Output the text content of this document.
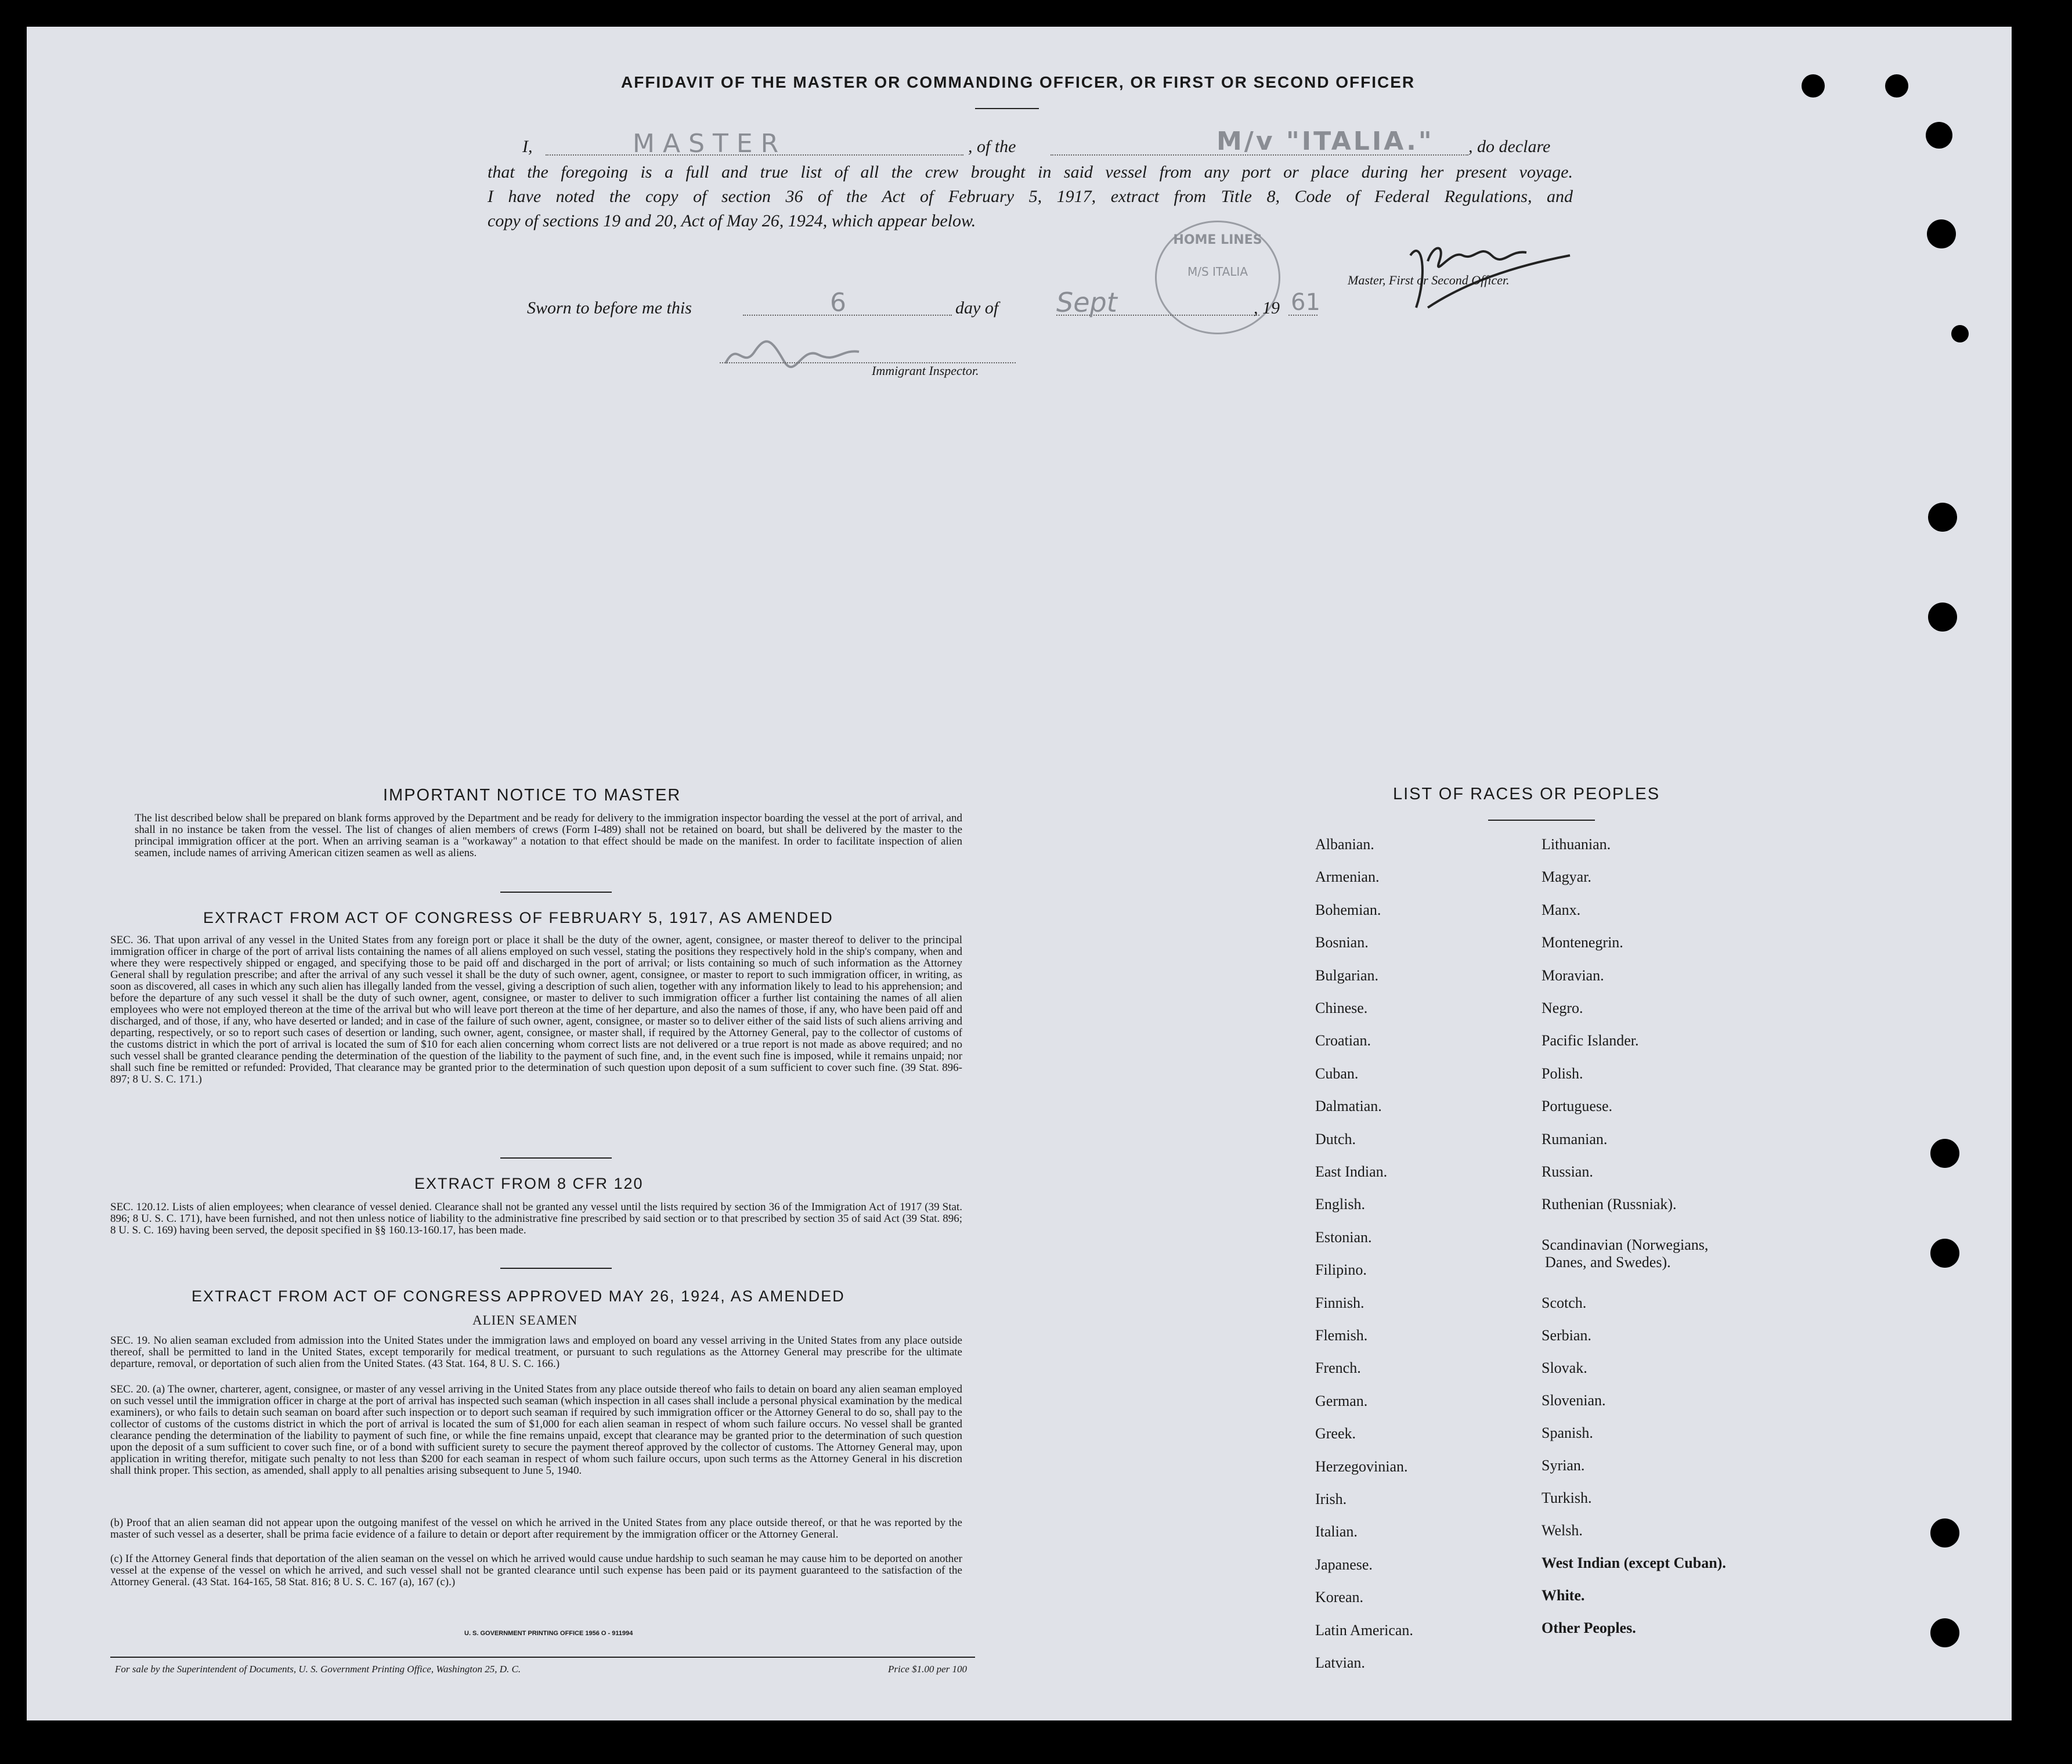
AFFIDAVIT OF THE MASTER OR COMMANDING OFFICER, OR FIRST OR SECOND OFFICER
I,	MASTER	, of the	M/v "ITALIA." , do declare
that the foregoing is a full and true list of all the crew brought in said vessel from any port or place during her present voyage.
I have noted the copy of section 36 of the Act of February 5, 1917, extract from Title 8, Code of Federal Regulations, and
copy of sections 19 and 20, Act of May 26, 1924, which appear below.
HOME LINES
M/S ITALIA
Master, First or Second Officer.
Sworn to before me this	6	day of Sept	, 19 61
Immigrant Inspector.
IMPORTANT NOTICE TO MASTER
The list described below shall be prepared on blank forms approved by the Department and be ready for delivery to the immigration inspector boarding the vessel at the port of arrival, and shall in no instance be taken from the vessel. The list of changes of alien members of crews (Form I-489) shall not be retained on board, but shall be delivered by the master to the principal immigration officer at the port. When an arriving seaman is a "workaway" a notation to that effect should be made on the manifest. In order to facilitate inspection of alien seamen, include names of arriving American citizen seamen as well as aliens.
EXTRACT FROM ACT OF CONGRESS OF FEBRUARY 5, 1917, AS AMENDED
SEC. 36. That upon arrival of any vessel in the United States from any foreign port or place it shall be the duty of the owner, agent, consignee, or master thereof to deliver to the principal immigration officer in charge of the port of arrival lists containing the names of all aliens employed on such vessel, stating the positions they respectively hold in the ship's company, when and where they were respectively shipped or engaged, and specifying those to be paid off and discharged in the port of arrival; or lists containing so much of such information as the Attorney General shall by regulation prescribe; and after the arrival of any such vessel it shall be the duty of such owner, agent, consignee, or master to report to such immigration officer, in writing, as soon as discovered, all cases in which any such alien has illegally landed from the vessel, giving a description of such alien, together with any information likely to lead to his apprehension; and before the departure of any such vessel it shall be the duty of such owner, agent, consignee, or master to deliver to such immigration officer a further list containing the names of all alien employees who were not employed thereon at the time of the arrival but who will leave port thereon at the time of her departure, and also the names of those, if any, who have been paid off and discharged, and of those, if any, who have deserted or landed; and in case of the failure of such owner, agent, consignee, or master so to deliver either of the said lists of such aliens arriving and departing, respectively, or so to report such cases of desertion or landing, such owner, agent, consignee, or master shall, if required by the Attorney General, pay to the collector of customs of the customs district in which the port of arrival is located the sum of $10 for each alien concerning whom correct lists are not delivered or a true report is not made as above required; and no such vessel shall be granted clearance pending the determination of the question of the liability to the payment of such fine, and, in the event such fine is imposed, while it remains unpaid; nor shall such fine be remitted or refunded: Provided, That clearance may be granted prior to the determination of such question upon deposit of a sum sufficient to cover such fine. (39 Stat. 896-897; 8 U. S. C. 171.)
EXTRACT FROM 8 CFR 120
SEC. 120.12. Lists of alien employees; when clearance of vessel denied. Clearance shall not be granted any vessel until the lists required by section 36 of the Immigration Act of 1917 (39 Stat. 896; 8 U. S. C. 171), have been furnished, and not then unless notice of liability to the administrative fine prescribed by said section or to that prescribed by section 35 of said Act (39 Stat. 896; 8 U. S. C. 169) having been served, the deposit specified in §§ 160.13-160.17, has been made.
EXTRACT FROM ACT OF CONGRESS APPROVED MAY 26, 1924, AS AMENDED
ALIEN SEAMEN
SEC. 19. No alien seaman excluded from admission into the United States under the immigration laws and employed on board any vessel arriving in the United States from any place outside thereof, shall be permitted to land in the United States, except temporarily for medical treatment, or pursuant to such regulations as the Attorney General may prescribe for the ultimate departure, removal, or deportation of such alien from the United States. (43 Stat. 164, 8 U. S. C. 166.)
SEC. 20. (a) The owner, charterer, agent, consignee, or master of any vessel arriving in the United States from any place outside thereof who fails to detain on board any alien seaman employed on such vessel until the immigration officer in charge at the port of arrival has inspected such seaman (which inspection in all cases shall include a personal physical examination by the medical examiners), or who fails to detain such seaman on board after such inspection or to deport such seaman if required by such immigration officer or the Attorney General to do so, shall pay to the collector of customs of the customs district in which the port of arrival is located the sum of $1,000 for each alien seaman in respect of whom such failure occurs. No vessel shall be granted clearance pending the determination of the liability to payment of such fine, or while the fine remains unpaid, except that clearance may be granted prior to the determination of such question upon the deposit of a sum sufficient to cover such fine, or of a bond with sufficient surety to secure the payment thereof approved by the collector of customs. The Attorney General may, upon application in writing therefor, mitigate such penalty to not less than $200 for each seaman in respect of whom such failure occurs, upon such terms as the Attorney General in his discretion shall think proper. This section, as amended, shall apply to all penalties arising subsequent to June 5, 1940.
(b) Proof that an alien seaman did not appear upon the outgoing manifest of the vessel on which he arrived in the United States from any place outside thereof, or that he was reported by the master of such vessel as a deserter, shall be prima facie evidence of a failure to detain or deport after requirement by the immigration officer or the Attorney General.
(c) If the Attorney General finds that deportation of the alien seaman on the vessel on which he arrived would cause undue hardship to such seaman he may cause him to be deported on another vessel at the expense of the vessel on which he arrived, and such vessel shall not be granted clearance until such expense has been paid or its payment guaranteed to the satisfaction of the Attorney General. (43 Stat. 164-165, 58 Stat. 816; 8 U. S. C. 167 (a), 167 (c).)
U. S. GOVERNMENT PRINTING OFFICE 1956 O - 911994
For sale by the Superintendent of Documents, U. S. Government Printing Office, Washington 25, D. C.	Price $1.00 per 100
LIST OF RACES OR PEOPLES
Albanian.
Armenian.
Bohemian.
Bosnian.
Bulgarian.
Chinese.
Croatian.
Cuban.
Dalmatian.
Dutch.
East Indian.
English.
Estonian.
Filipino.
Finnish.
Flemish.
French.
German.
Greek.
Herzegovinian.
Irish.
Italian.
Japanese.
Korean.
Latin American.
Latvian.
Lithuanian.
Magyar.
Manx.
Montenegrin.
Moravian.
Negro.
Pacific Islander.
Polish.
Portuguese.
Rumanian.
Russian.
Ruthenian (Russniak).
Scandinavian (Norwegians,
Danes, and Swedes).
Scotch.
Serbian.
Slovak.
Slovenian.
Spanish.
Syrian.
Turkish.
Welsh.
West Indian (except Cuban).
White.
Other Peoples.
